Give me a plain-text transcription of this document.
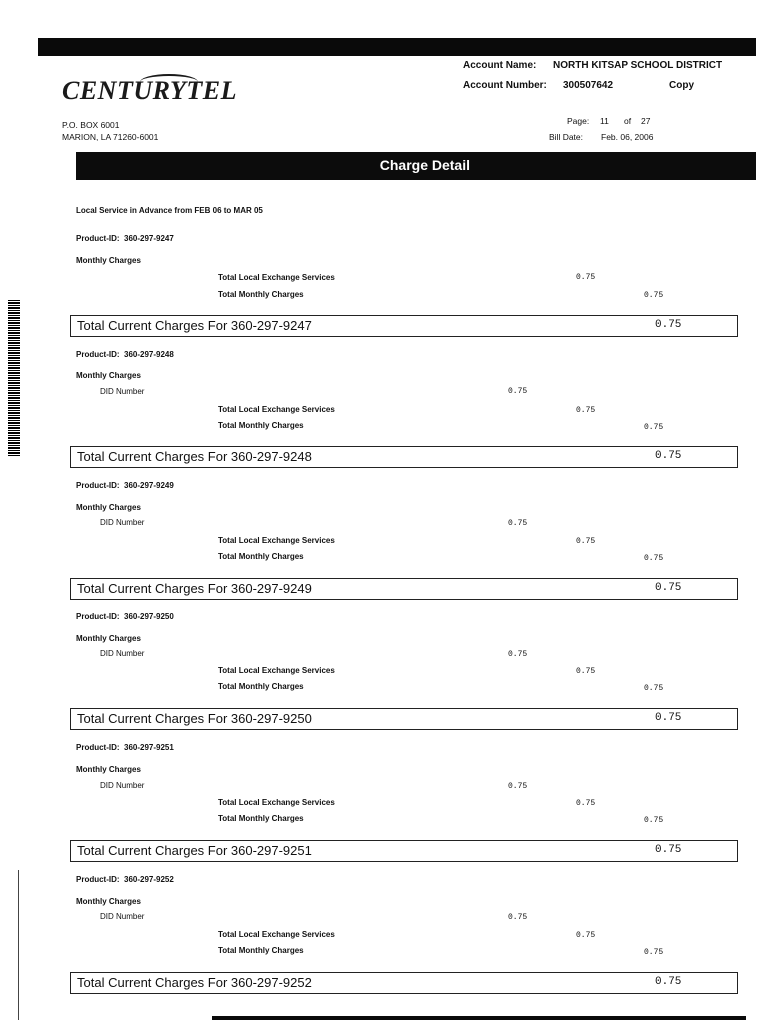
Account Name: NORTH KITSAP SCHOOL DISTRICT
Account Number: 300507642	Copy
CENTURYTEL
P.O. BOX 6001
MARION, LA 71260-6001
Page: 11 of 27
Bill Date: Feb. 06, 2006
Charge Detail
Local Service in Advance from FEB 06 to MAR 05
Product-ID: 360-297-9247
Monthly Charges
Total Local Exchange Services	0.75
Total Monthly Charges	0.75
Total Current Charges For 360-297-9247	0.75
Product-ID: 360-297-9248
Monthly Charges
DID Number	0.75
Total Local Exchange Services	0.75
Total Monthly Charges	0.75
Total Current Charges For 360-297-9248	0.75
Product-ID: 360-297-9249
Monthly Charges
DID Number	0.75
Total Local Exchange Services	0.75
Total Monthly Charges	0.75
Total Current Charges For 360-297-9249	0.75
Product-ID: 360-297-9250
Monthly Charges
DID Number	0.75
Total Local Exchange Services	0.75
Total Monthly Charges	0.75
Total Current Charges For 360-297-9250	0.75
Product-ID: 360-297-9251
Monthly Charges
DID Number	0.75
Total Local Exchange Services	0.75
Total Monthly Charges	0.75
Total Current Charges For 360-297-9251	0.75
Product-ID: 360-297-9252
Monthly Charges
DID Number	0.75
Total Local Exchange Services	0.75
Total Monthly Charges	0.75
Total Current Charges For 360-297-9252	0.75
